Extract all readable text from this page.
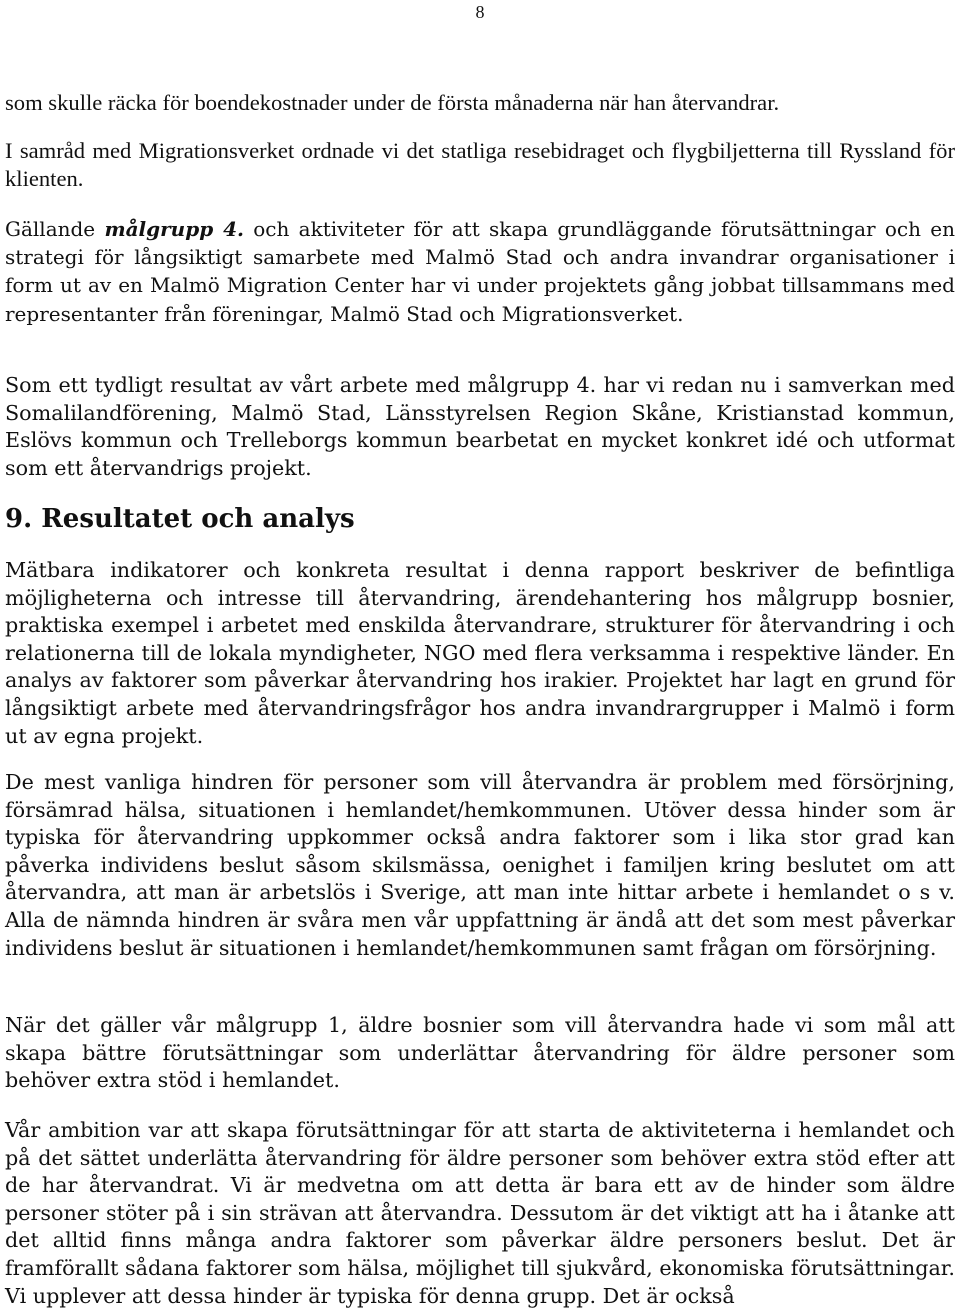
8

som skulle räcka för boendekostnader under de första månaderna när han återvandrar.

I samråd med Migrationsverket ordnade vi det statliga resebidraget och flygbiljetterna till Ryssland för klienten.

Gällande målgrupp 4. och aktiviteter för att skapa grundläggande förutsättningar och en strategi för långsiktigt samarbete med Malmö Stad och andra invandrar organisationer i form ut av en Malmö Migration Center har vi under projektets gång jobbat tillsammans med representanter från föreningar, Malmö Stad och Migrationsverket.

Som ett tydligt resultat av vårt arbete med målgrupp 4. har vi redan nu i samverkan med Somalilandförening, Malmö Stad, Länsstyrelsen Region Skåne, Kristianstad kommun, Eslövs kommun och Trelleborgs kommun bearbetat en mycket konkret idé och utformat som ett återvandrigs projekt.

9. Resultatet och analys

Mätbara indikatorer och konkreta resultat i denna rapport beskriver de befintliga möjligheterna och intresse till återvandring, ärendehantering hos målgrupp bosnier, praktiska exempel i arbetet med enskilda återvandrare, strukturer för återvandring i och relationerna till de lokala myndigheter, NGO med flera verksamma i respektive länder. En analys av faktorer som påverkar återvandring hos irakier. Projektet har lagt en grund för långsiktigt arbete med återvandringsfrågor hos andra invandrargrupper i Malmö i form ut av egna projekt.

De mest vanliga hindren för personer som vill återvandra är problem med försörjning, försämrad hälsa, situationen i hemlandet/hemkommunen. Utöver dessa hinder som är typiska för återvandring uppkommer också andra faktorer som i lika stor grad kan påverka individens beslut såsom skilsmässa, oenighet i familjen kring beslutet om att återvandra, att man är arbetslös i Sverige, att man inte hittar arbete i hemlandet o s v. Alla de nämnda hindren är svåra men vår uppfattning är ändå att det som mest påverkar individens beslut är situationen i hemlandet/hemkommunen samt frågan om försörjning.

När det gäller vår målgrupp 1, äldre bosnier som vill återvandra hade vi som mål att skapa bättre förutsättningar som underlättar återvandring för äldre personer som behöver extra stöd i hemlandet.

Vår ambition var att skapa förutsättningar för att starta de aktiviteterna i hemlandet och på det sättet underlätta återvandring för äldre personer som behöver extra stöd efter att de har återvandrat. Vi är medvetna om att detta är bara ett av de hinder som äldre personer stöter på i sin strävan att återvandra. Dessutom är det viktigt att ha i åtanke att det alltid finns många andra faktorer som påverkar äldre personers beslut. Det är framförallt sådana faktorer som hälsa, möjlighet till sjukvård, ekonomiska förutsättningar. Vi upplever att dessa hinder är typiska för denna grupp. Det är också
